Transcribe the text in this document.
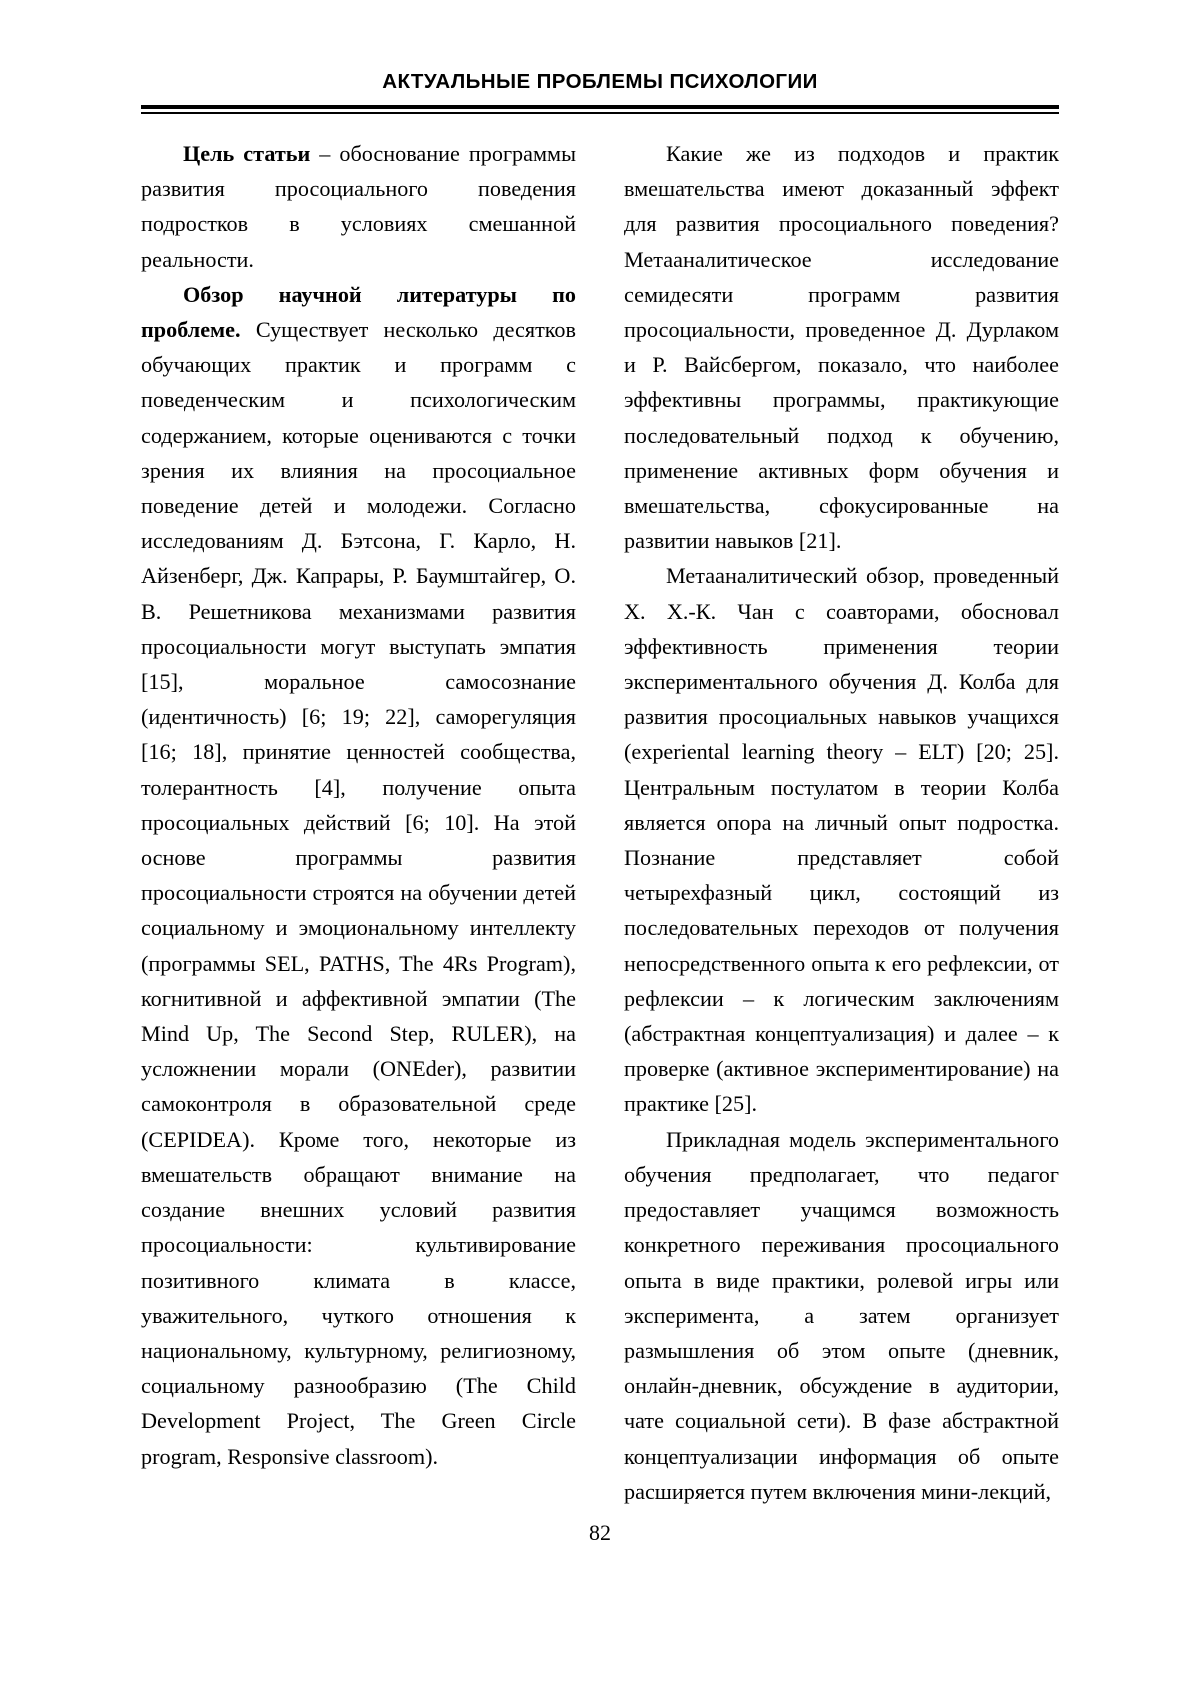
АКТУАЛЬНЫЕ ПРОБЛЕМЫ ПСИХОЛОГИИ

Цель статьи – обоснование программы развития просоциального поведения подростков в условиях смешанной реальности.

Обзор научной литературы по проблеме. Существует несколько десятков обучающих практик и программ с поведенческим и психологическим содержанием, которые оцениваются с точки зрения их влияния на просоциальное поведение детей и молодежи. Согласно исследованиям Д. Бэтсона, Г. Карло, Н. Айзенберг, Дж. Капрары, Р. Баумштайгер, О. В. Решетникова механизмами развития просоциальности могут выступать эмпатия [15], моральное самосознание (идентичность) [6; 19; 22], саморегуляция [16; 18], принятие ценностей сообщества, толерантность [4], получение опыта просоциальных действий [6; 10]. На этой основе программы развития просоциальности строятся на обучении детей социальному и эмоциональному интеллекту (программы SEL, PATHS, The 4Rs Program), когнитивной и аффективной эмпатии (The Mind Up, The Second Step, RULER), на усложнении морали (ONEder), развитии самоконтроля в образовательной среде (CEPIDEA). Кроме того, некоторые из вмешательств обращают внимание на создание внешних условий развития просоциальности: культивирование позитивного климата в классе, уважительного, чуткого отношения к национальному, культурному, религиозному, социальному разнообразию (The Child Development Project, The Green Circle program, Responsive classroom).

Какие же из подходов и практик вмешательства имеют доказанный эффект для развития просоциального поведения? Метааналитическое исследование семидесяти программ развития просоциальности, проведенное Д. Дурлаком и Р. Вайсбергом, показало, что наиболее эффективны программы, практикующие последовательный подход к обучению, применение активных форм обучения и вмешательства, сфокусированные на развитии навыков [21].

Метааналитический обзор, проведенный Х. Х.-К. Чан с соавторами, обосновал эффективность применения теории экспериментального обучения Д. Колба для развития просоциальных навыков учащихся (experiental learning theory – ELT) [20; 25]. Центральным постулатом в теории Колба является опора на личный опыт подростка. Познание представляет собой четырехфазный цикл, состоящий из последовательных переходов от получения непосредственного опыта к его рефлексии, от рефлексии – к логическим заключениям (абстрактная концептуализация) и далее – к проверке (активное экспериментирование) на практике [25].

Прикладная модель экспериментального обучения предполагает, что педагог предоставляет учащимся возможность конкретного переживания просоциального опыта в виде практики, ролевой игры или эксперимента, а затем организует размышления об этом опыте (дневник, онлайн-дневник, обсуждение в аудитории, чате социальной сети). В фазе абстрактной концептуализации информация об опыте расширяется путем включения мини-лекций,

82
